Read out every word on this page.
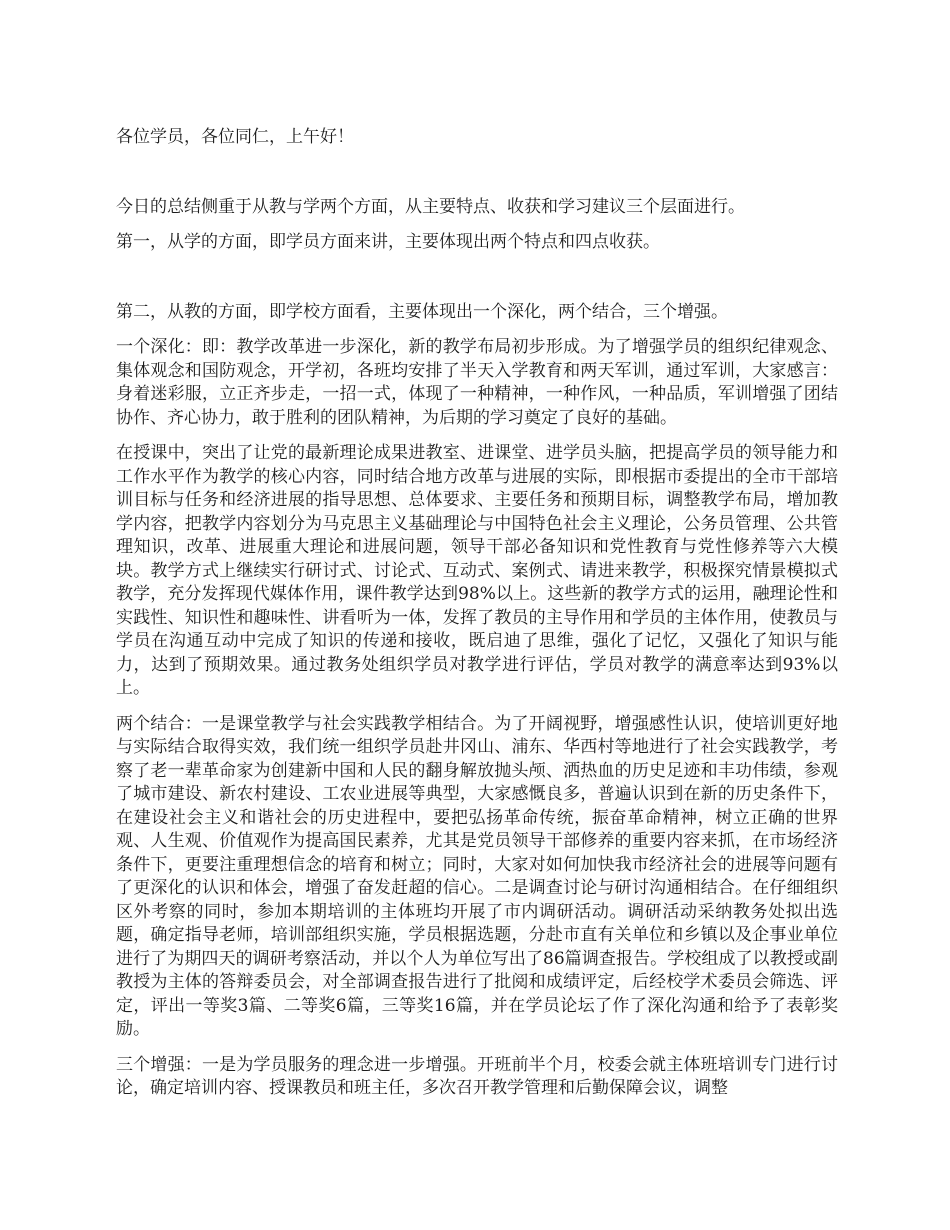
各位学员，各位同仁，上午好！

今日的总结侧重于从教与学两个方面，从主要特点、收获和学习建议三个层面进行。

第一，从学的方面，即学员方面来讲，主要体现出两个特点和四点收获。

第二，从教的方面，即学校方面看，主要体现出一个深化，两个结合，三个增强。

一个深化：即：教学改革进一步深化，新的教学布局初步形成。为了增强学员的组织纪律观念、集体观念和国防观念，开学初，各班均安排了半天入学教育和两天军训，通过军训，大家感言：身着迷彩服，立正齐步走，一招一式，体现了一种精神，一种作风，一种品质，军训增强了团结协作、齐心协力，敢于胜利的团队精神，为后期的学习奠定了良好的基础。

在授课中，突出了让党的最新理论成果进教室、进课堂、进学员头脑，把提高学员的领导能力和工作水平作为教学的核心内容，同时结合地方改革与进展的实际，即根据市委提出的全市干部培训目标与任务和经济进展的指导思想、总体要求、主要任务和预期目标，调整教学布局，增加教学内容，把教学内容划分为马克思主义基础理论与中国特色社会主义理论，公务员管理、公共管理知识，改革、进展重大理论和进展问题，领导干部必备知识和党性教育与党性修养等六大模块。教学方式上继续实行研讨式、讨论式、互动式、案例式、请进来教学，积极探究情景模拟式教学，充分发挥现代媒体作用，课件教学达到98%以上。这些新的教学方式的运用，融理论性和实践性、知识性和趣味性、讲看听为一体，发挥了教员的主导作用和学员的主体作用，使教员与学员在沟通互动中完成了知识的传递和接收，既启迪了思维，强化了记忆，又强化了知识与能力，达到了预期效果。通过教务处组织学员对教学进行评估，学员对教学的满意率达到93%以上。

两个结合：一是课堂教学与社会实践教学相结合。为了开阔视野，增强感性认识，使培训更好地与实际结合取得实效，我们统一组织学员赴井冈山、浦东、华西村等地进行了社会实践教学，考察了老一辈革命家为创建新中国和人民的翻身解放抛头颅、洒热血的历史足迹和丰功伟绩，参观了城市建设、新农村建设、工农业进展等典型，大家感慨良多，普遍认识到在新的历史条件下，在建设社会主义和谐社会的历史进程中，要把弘扬革命传统，振奋革命精神，树立正确的世界观、人生观、价值观作为提高国民素养，尤其是党员领导干部修养的重要内容来抓，在市场经济条件下，更要注重理想信念的培育和树立；同时，大家对如何加快我市经济社会的进展等问题有了更深化的认识和体会，增强了奋发赶超的信心。二是调查讨论与研讨沟通相结合。在仔细组织区外考察的同时，参加本期培训的主体班均开展了市内调研活动。调研活动采纳教务处拟出选题，确定指导老师，培训部组织实施，学员根据选题，分赴市直有关单位和乡镇以及企事业单位进行了为期四天的调研考察活动，并以个人为单位写出了86篇调查报告。学校组成了以教授或副教授为主体的答辩委员会，对全部调查报告进行了批阅和成绩评定，后经校学术委员会筛选、评定，评出一等奖3篇、二等奖6篇，三等奖16篇，并在学员论坛了作了深化沟通和给予了表彰奖励。

三个增强：一是为学员服务的理念进一步增强。开班前半个月，校委会就主体班培训专门进行讨论，确定培训内容、授课教员和班主任，多次召开教学管理和后勤保障会议，调整
